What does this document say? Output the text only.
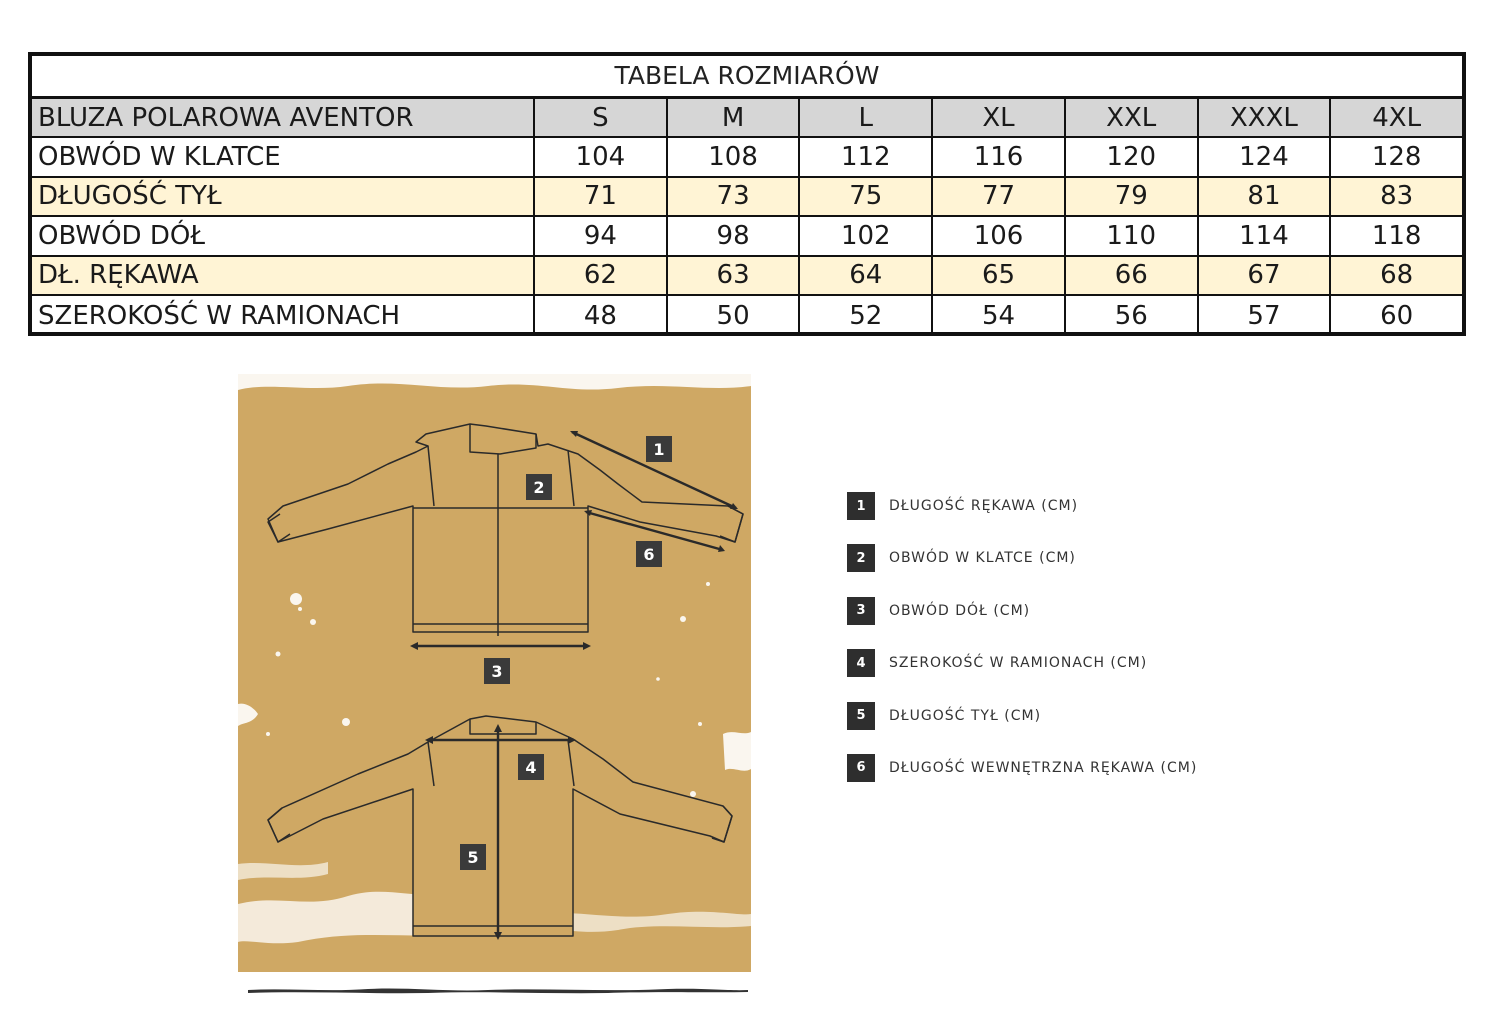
TABELA ROZMIARÓW
BLUZA POLAROWA AVENTOR	S	M	L	XL	XXL	XXXL	4XL
OBWÓD W KLATCE	104	108	112	116	120	124	128
DŁUGOŚĆ TYŁ	71	73	75	77	79	81	83
OBWÓD DÓŁ	94	98	102	106	110	114	118
DŁ. RĘKAWA	62	63	64	65	66	67	68
SZEROKOŚĆ W RAMIONACH	48	50	52	54	56	57	60
1
2
6
3
4
5
1	DŁUGOŚĆ RĘKAWA (CM)
2	OBWÓD W KLATCE (CM)
3	OBWÓD DÓŁ (CM)
4	SZEROKOŚĆ W RAMIONACH (CM)
5	DŁUGOŚĆ TYŁ (CM)
6	DŁUGOŚĆ WEWNĘTRZNA RĘKAWA (CM)
